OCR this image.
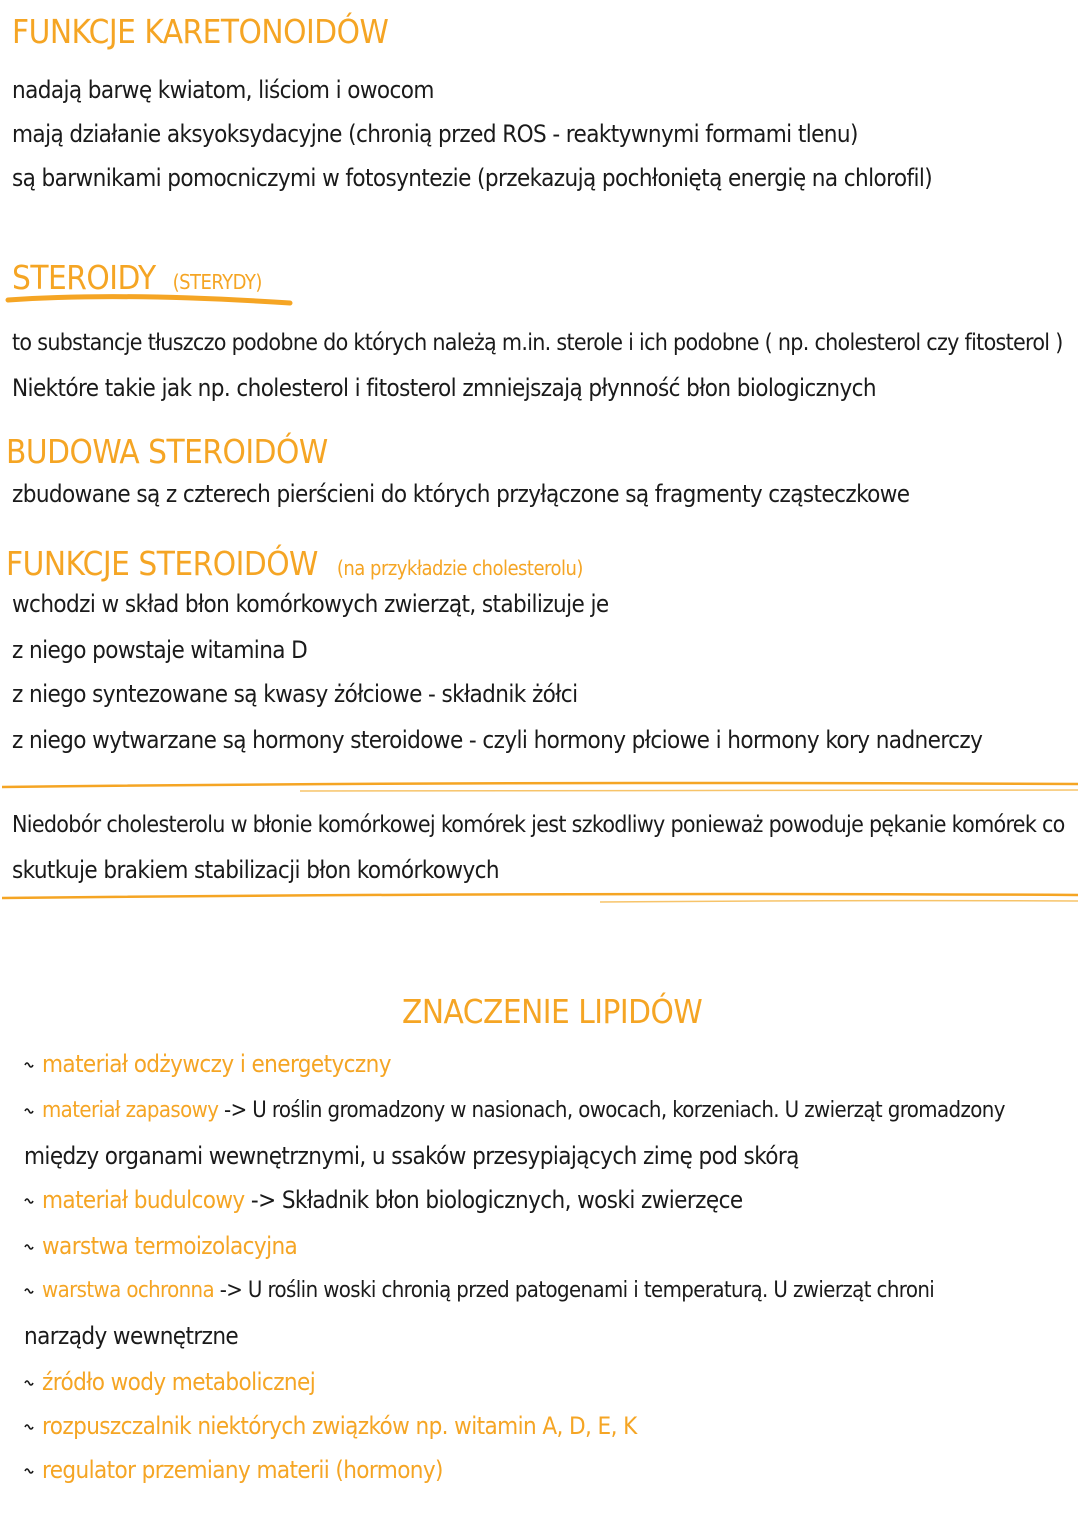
FUNKCJE KARETONOIDÓW
nadają barwę kwiatom, liściom i owocom
mają działanie aksyoksydacyjne (chronią przed ROS - reaktywnymi formami tlenu)
są barwnikami pomocniczymi w fotosyntezie (przekazują pochłoniętą energię na chlorofil)
STEROIDY (STERYDY)
to substancje tłuszczo podobne do których należą m.in. sterole i ich podobne ( np. cholesterol czy fitosterol )
Niektóre takie jak np. cholesterol i fitosterol zmniejszają płynność błon biologicznych
BUDOWA STEROIDÓW
zbudowane są z czterech pierścieni do których przyłączone są fragmenty cząsteczkowe
FUNKCJE STEROIDÓW (na przykładzie cholesterolu)
wchodzi w skład błon komórkowych zwierząt, stabilizuje je
z niego powstaje witamina D
z niego syntezowane są kwasy żółciowe - składnik żółci
z niego wytwarzane są hormony steroidowe - czyli hormony płciowe i hormony kory nadnerczy
Niedobór cholesterolu w błonie komórkowej komórek jest szkodliwy ponieważ powoduje pękanie komórek co
skutkuje brakiem stabilizacji błon komórkowych
ZNACZENIE LIPIDÓW
materiał odżywczy i energetyczny
materiał zapasowy -> U roślin gromadzony w nasionach, owocach, korzeniach. U zwierząt gromadzony
między organami wewnętrznymi, u ssaków przesypiających zimę pod skórą
materiał budulcowy -> Składnik błon biologicznych, woski zwierzęce
warstwa termoizolacyjna
warstwa ochronna -> U roślin woski chronią przed patogenami i temperaturą. U zwierząt chroni
narządy wewnętrzne
źródło wody metabolicznej
rozpuszczalnik niektórych związków np. witamin A, D, E, K
regulator przemiany materii (hormony)
